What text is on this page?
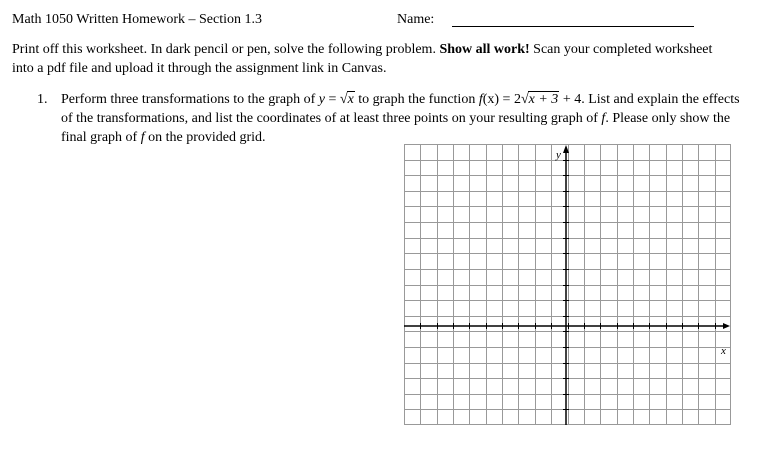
Math 1050 Written Homework – Section 1.3	Name:
Print off this worksheet. In dark pencil or pen, solve the following problem. Show all work! Scan your completed worksheet into a pdf file and upload it through the assignment link in Canvas.
1. Perform three transformations to the graph of y = √x to graph the function f(x) = 2√x + 3 + 4. List and explain the effects of the transformations, and list the coordinates of at least three points on your resulting graph of f. Please only show the final graph of f on the provided grid.
y
x
